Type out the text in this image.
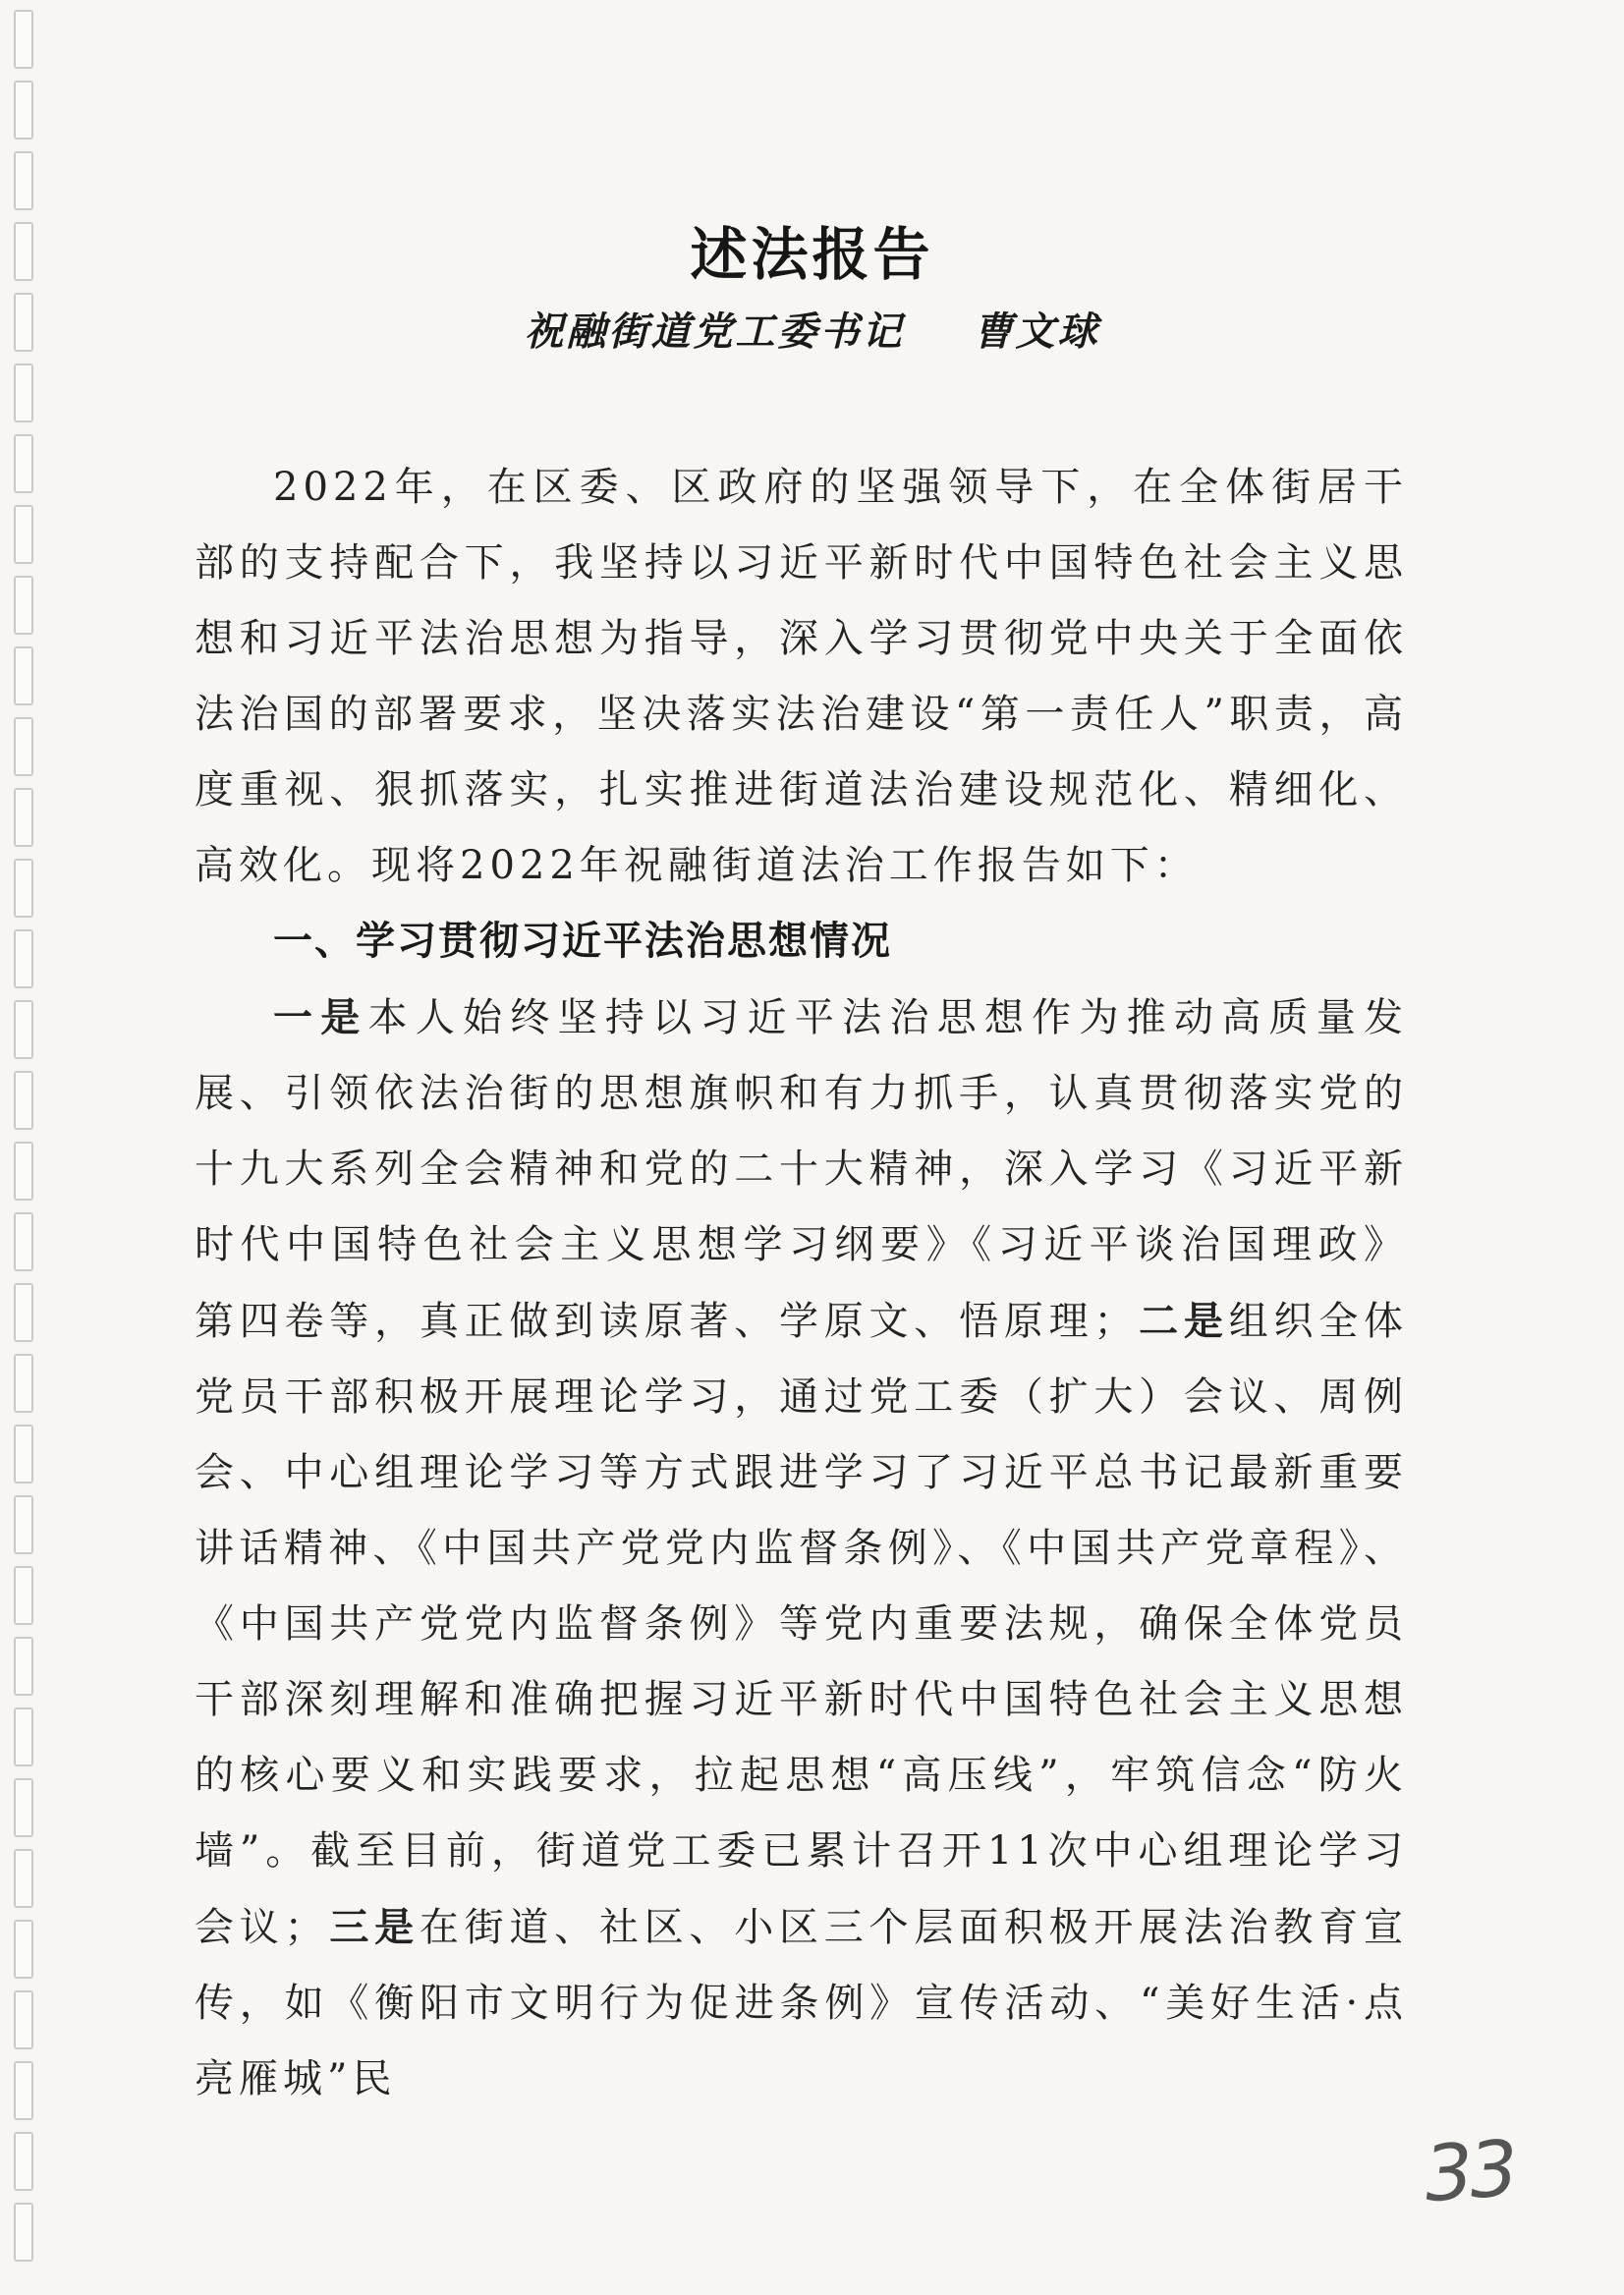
述法报告
祝融街道党工委书记 曹文球

2022年，在区委、区政府的坚强领导下，在全体街居干部的支持配合下，我坚持以习近平新时代中国特色社会主义思想和习近平法治思想为指导，深入学习贯彻党中央关于全面依法治国的部署要求，坚决落实法治建设“第一责任人”职责，高度重视、狠抓落实，扎实推进街道法治建设规范化、精细化、高效化。现将2022年祝融街道法治工作报告如下：

一、学习贯彻习近平法治思想情况

一是本人始终坚持以习近平法治思想作为推动高质量发展、引领依法治街的思想旗帜和有力抓手，认真贯彻落实党的十九大系列全会精神和党的二十大精神，深入学习《习近平新时代中国特色社会主义思想学习纲要》《习近平谈治国理政》第四卷等，真正做到读原著、学原文、悟原理；二是组织全体党员干部积极开展理论学习，通过党工委（扩大）会议、周例会、中心组理论学习等方式跟进学习了习近平总书记最新重要讲话精神、《中国共产党党内监督条例》、《中国共产党章程》、《中国共产党党内监督条例》等党内重要法规，确保全体党员干部深刻理解和准确把握习近平新时代中国特色社会主义思想的核心要义和实践要求，拉起思想“高压线”，牢筑信念“防火墙”。截至目前，街道党工委已累计召开11次中心组理论学习会议；三是在街道、社区、小区三个层面积极开展法治教育宣传，如《衡阳市文明行为促进条例》宣传活动、“美好生活·点亮雁城”民

33
